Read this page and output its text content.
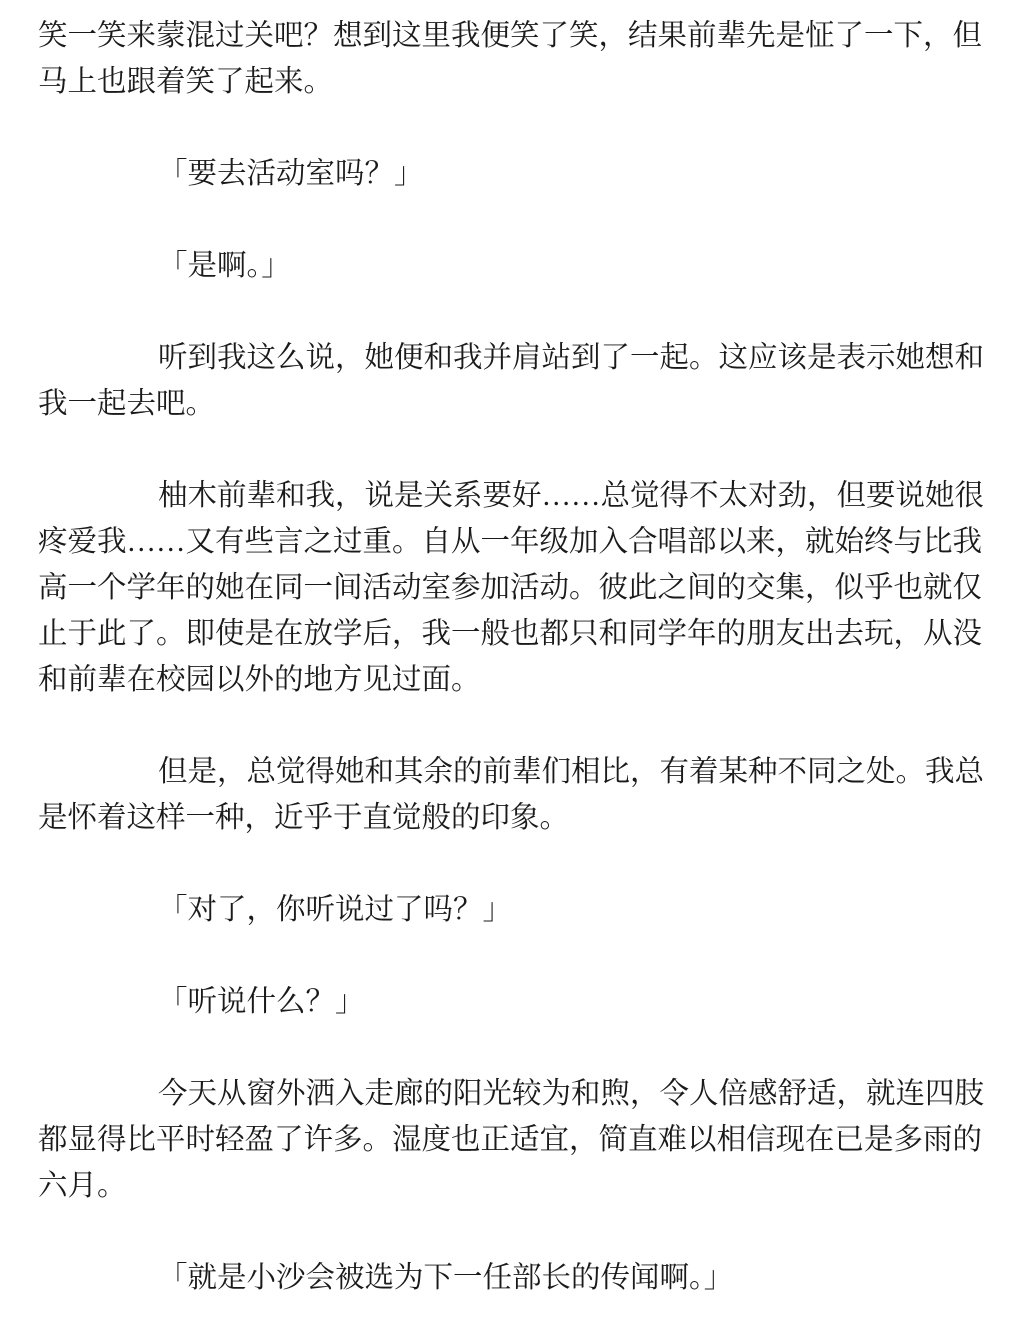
笑一笑来蒙混过关吧？想到这里我便笑了笑，结果前辈先是怔了一下，但
马上也跟着笑了起来。
「要去活动室吗？」
「是啊。」
听到我这么说，她便和我并肩站到了一起。这应该是表示她想和
我一起去吧。
柚木前辈和我，说是关系要好……总觉得不太对劲，但要说她很
疼爱我……又有些言之过重。自从一年级加入合唱部以来，就始终与比我
高一个学年的她在同一间活动室参加活动。彼此之间的交集，似乎也就仅
止于此了。即使是在放学后，我一般也都只和同学年的朋友出去玩，从没
和前辈在校园以外的地方见过面。
但是，总觉得她和其余的前辈们相比，有着某种不同之处。我总
是怀着这样一种，近乎于直觉般的印象。
「对了，你听说过了吗？」
「听说什么？」
今天从窗外洒入走廊的阳光较为和煦，令人倍感舒适，就连四肢
都显得比平时轻盈了许多。湿度也正适宜，简直难以相信现在已是多雨的
六月。
「就是小沙会被选为下一任部长的传闻啊。」
